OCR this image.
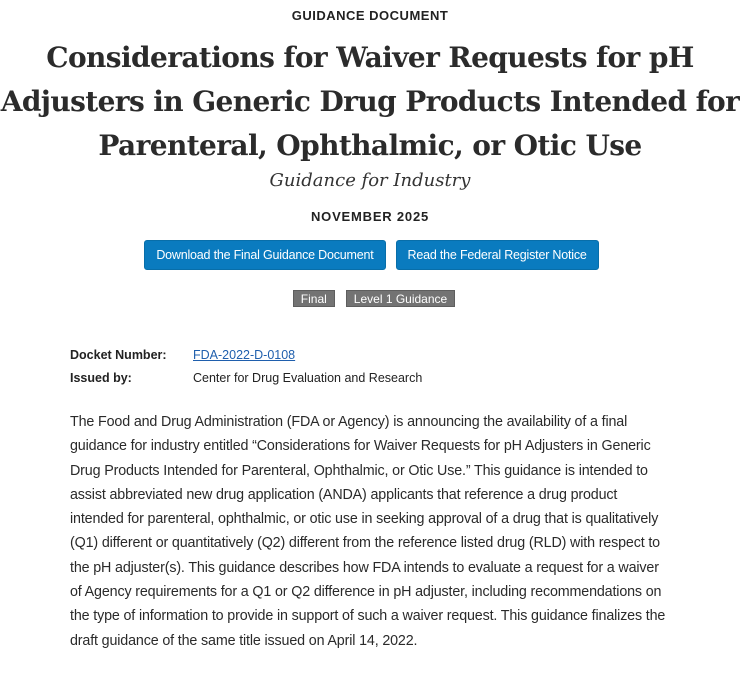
GUIDANCE DOCUMENT
Considerations for Waiver Requests for pH Adjusters in Generic Drug Products Intended for Parenteral, Ophthalmic, or Otic Use
Guidance for Industry
NOVEMBER 2025
Download the Final Guidance Document	Read the Federal Register Notice
Final	Level 1 Guidance
Docket Number:	FDA-2022-D-0108
Issued by:	Center for Drug Evaluation and Research

The Food and Drug Administration (FDA or Agency) is announcing the availability of a final guidance for industry entitled “Considerations for Waiver Requests for pH Adjusters in Generic Drug Products Intended for Parenteral, Ophthalmic, or Otic Use.” This guidance is intended to assist abbreviated new drug application (ANDA) applicants that reference a drug product intended for parenteral, ophthalmic, or otic use in seeking approval of a drug that is qualitatively (Q1) different or quantitatively (Q2) different from the reference listed drug (RLD) with respect to the pH adjuster(s). This guidance describes how FDA intends to evaluate a request for a waiver of Agency requirements for a Q1 or Q2 difference in pH adjuster, including recommendations on the type of information to provide in support of such a waiver request. This guidance finalizes the draft guidance of the same title issued on April 14, 2022.
